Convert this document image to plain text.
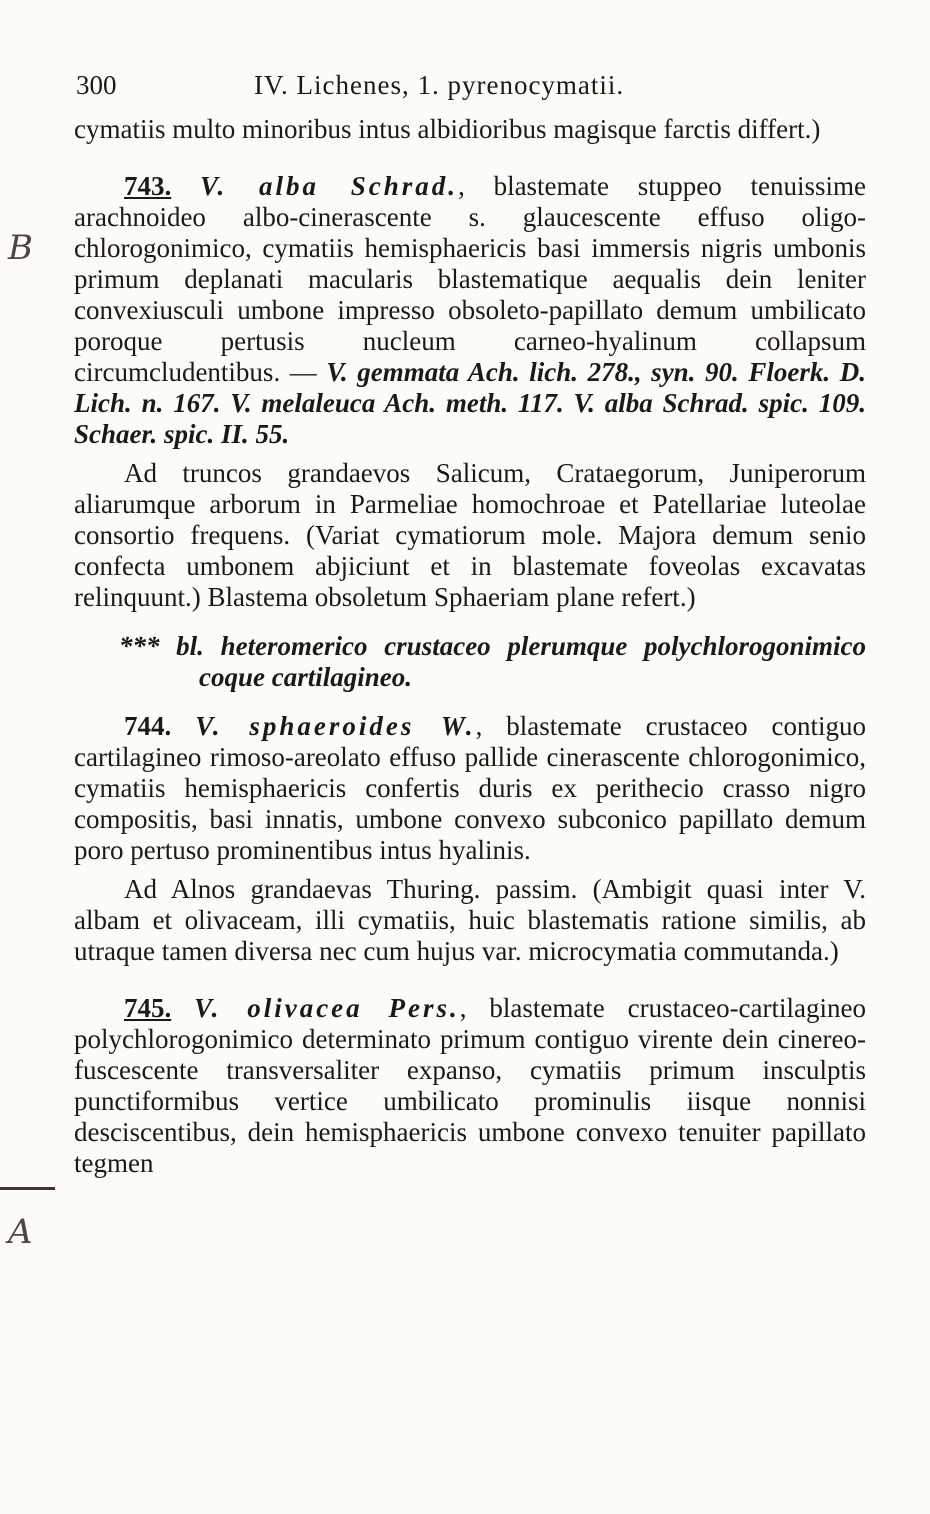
B
A
300	IV. Lichenes, 1. pyrenocymatii.

cymatiis multo minoribus intus albidioribus magisque farctis differt.)

743. V. alba Schrad., blastemate stuppeo tenuissime arachnoideo albo-cinerascente s. glaucescente effuso oligo-chlorogonimico, cymatiis hemisphaericis basi immersis nigris umbonis primum deplanati macularis blastematique aequalis dein leniter convexiusculi umbone impresso obsoleto-papillato demum umbilicato poroque pertusis nucleum carneo-hyalinum collapsum circumcludentibus. — V. gemmata Ach. lich. 278., syn. 90. Floerk. D. Lich. n. 167. V. melaleuca Ach. meth. 117. V. alba Schrad. spic. 109. Schaer. spic. II. 55.

Ad truncos grandaevos Salicum, Crataegorum, Juniperorum aliarumque arborum in Parmeliae homochroae et Patellariae luteolae consortio frequens. (Variat cymatiorum mole. Majora demum senio confecta umbonem abjiciunt et in blastemate foveolas excavatas relinquunt.) Blastema obsoletum Sphaeriam plane refert.)

*** bl. heteromerico crustaceo plerumque polychlorogonimico coque cartilagineo.

744. V. sphaeroides W., blastemate crustaceo contiguo cartilagineo rimoso-areolato effuso pallide cinerascente chlorogonimico, cymatiis hemisphaericis confertis duris ex perithecio crasso nigro compositis, basi innatis, umbone convexo subconico papillato demum poro pertuso prominentibus intus hyalinis.

Ad Alnos grandaevas Thuring. passim. (Ambigit quasi inter V. albam et olivaceam, illi cymatiis, huic blastematis ratione similis, ab utraque tamen diversa nec cum hujus var. microcymatia commutanda.)

745. V. olivacea Pers., blastemate crustaceo-cartilagineo polychlorogonimico determinato primum contiguo virente dein cinereo-fuscescente transversaliter expanso, cymatiis primum insculptis punctiformibus vertice umbilicato prominulis iisque nonnisi desciscentibus, dein hemisphaericis umbone convexo tenuiter papillato tegmen
